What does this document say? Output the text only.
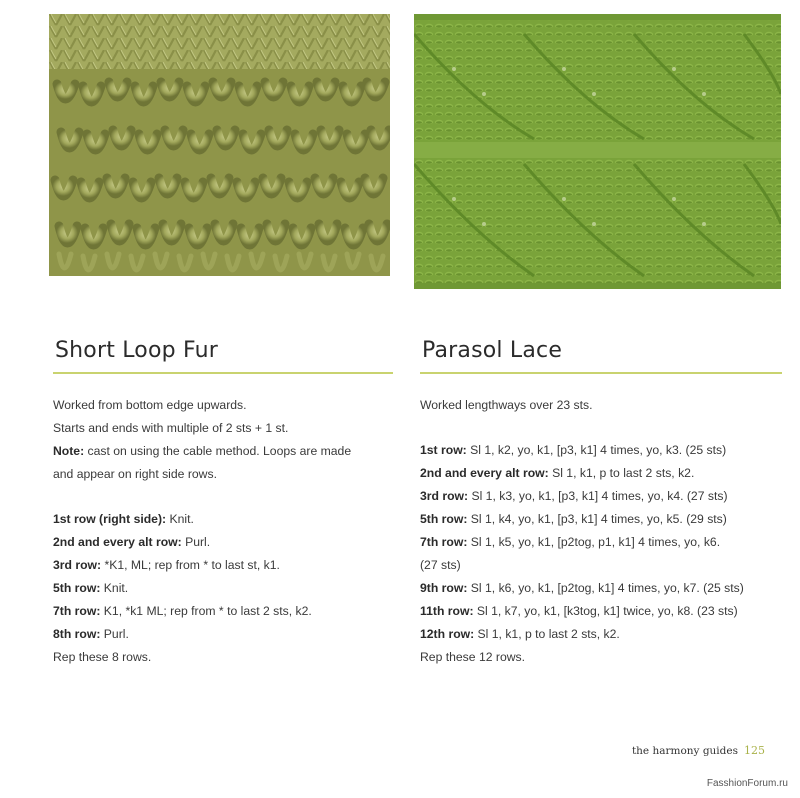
Short Loop Fur

Worked from bottom edge upwards.

Starts and ends with multiple of 2 sts + 1 st.

Note: cast on using the cable method. Loops are made

and appear on right side rows.

1st row (right side): Knit.

2nd and every alt row: Purl.

3rd row: *K1, ML; rep from * to last st, k1.

5th row: Knit.

7th row: K1, *k1 ML; rep from * to last 2 sts, k2.

8th row: Purl.

Rep these 8 rows.

Parasol Lace

Worked lengthways over 23 sts.

1st row: Sl 1, k2, yo, k1, [p3, k1] 4 times, yo, k3. (25 sts)

2nd and every alt row: Sl 1, k1, p to last 2 sts, k2.

3rd row: Sl 1, k3, yo, k1, [p3, k1] 4 times, yo, k4. (27 sts)

5th row: Sl 1, k4, yo, k1, [p3, k1] 4 times, yo, k5. (29 sts)

7th row: Sl 1, k5, yo, k1, [p2tog, p1, k1] 4 times, yo, k6.

(27 sts)

9th row: Sl 1, k6, yo, k1, [p2tog, k1] 4 times, yo, k7. (25 sts)

11th row: Sl 1, k7, yo, k1, [k3tog, k1] twice, yo, k8. (23 sts)

12th row: Sl 1, k1, p to last 2 sts, k2.

Rep these 12 rows.

the harmony guides 125
FasshionForum.ru
